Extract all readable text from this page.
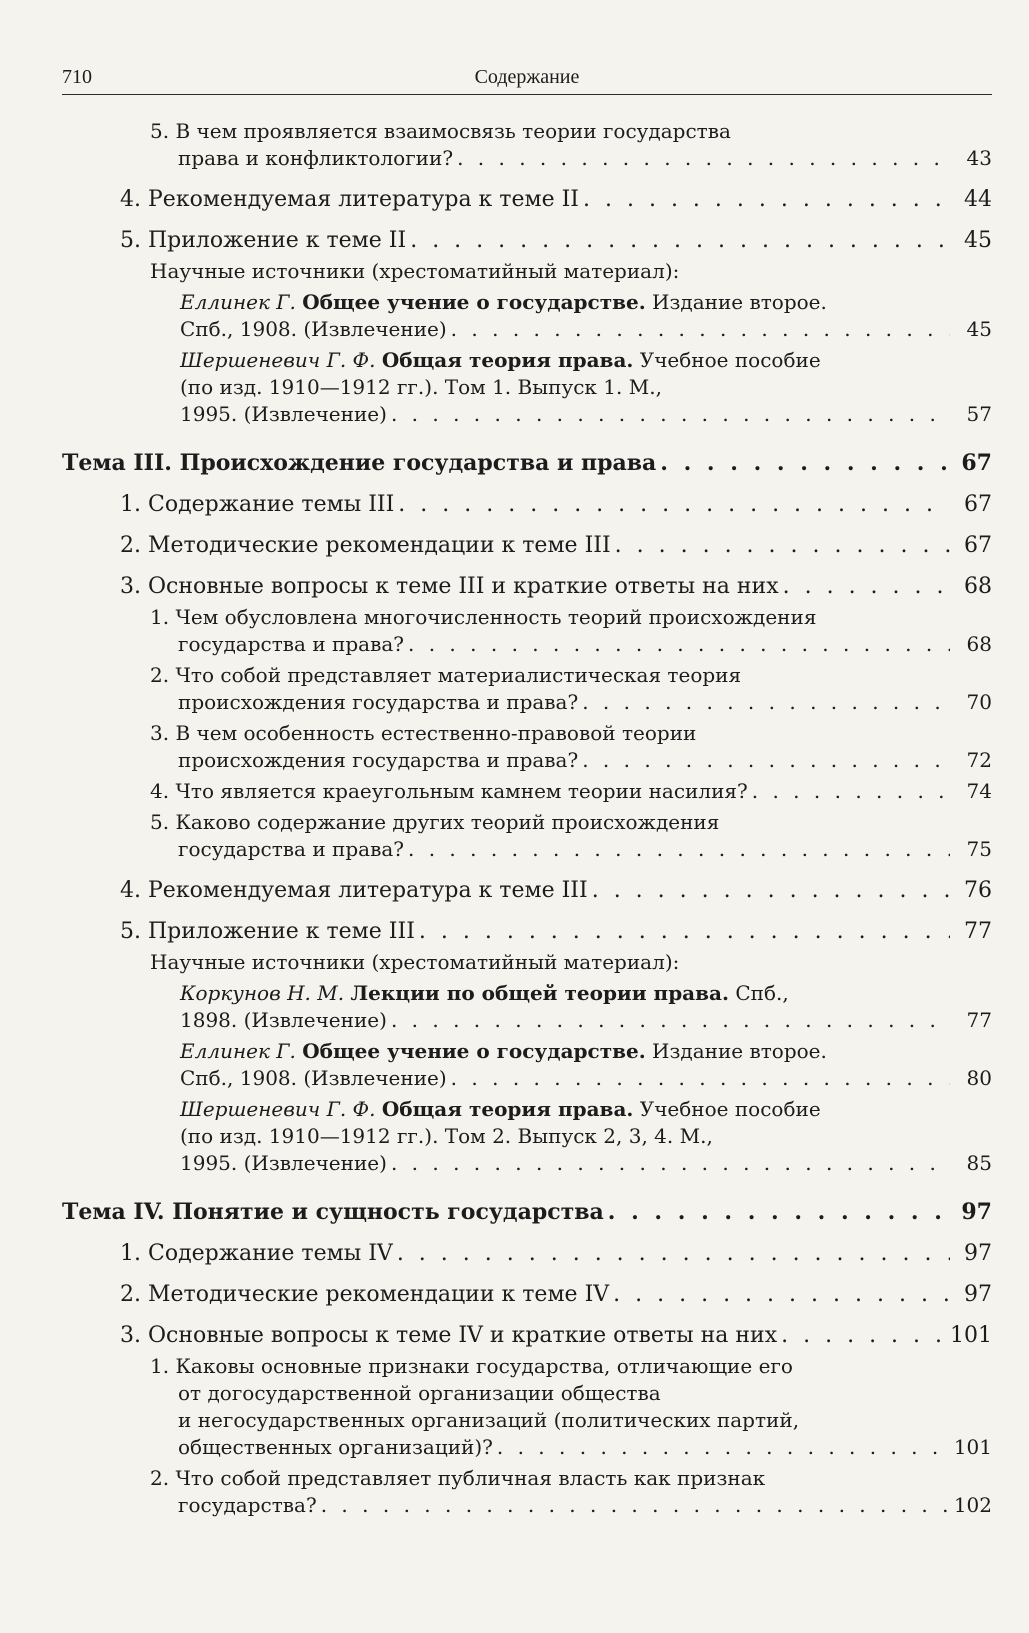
710	Содержание
5. В чем проявляется взаимосвязь теории государства
права и конфликтологии? . . .	43
4. Рекомендуемая литература к теме II . . .	44
5. Приложение к теме II . . .	45
Научные источники (хрестоматийный материал):
Еллинек Г. Общее учение о государстве. Издание второе.
Спб., 1908. (Извлечение) . . .	45
Шершеневич Г. Ф. Общая теория права. Учебное пособие
(по изд. 1910—1912 гг.). Том 1. Выпуск 1. М.,
1995. (Извлечение) . . .	57
Тема III. Происхождение государства и права . . .	67
1. Содержание темы III . . .	67
2. Методические рекомендации к теме III . . .	67
3. Основные вопросы к теме III и краткие ответы на них . . .	68
1. Чем обусловлена многочисленность теорий происхождения
государства и права? . . .	68
2. Что собой представляет материалистическая теория
происхождения государства и права? . . .	70
3. В чем особенность естественно-правовой теории
происхождения государства и права? . . .	72
4. Что является краеугольным камнем теории насилия? . . .	74
5. Каково содержание других теорий происхождения
государства и права? . . .	75
4. Рекомендуемая литература к теме III . . .	76
5. Приложение к теме III . . .	77
Научные источники (хрестоматийный материал):
Коркунов Н. М. Лекции по общей теории права. Спб.,
1898. (Извлечение) . . .	77
Еллинек Г. Общее учение о государстве. Издание второе.
Спб., 1908. (Извлечение) . . .	80
Шершеневич Г. Ф. Общая теория права. Учебное пособие
(по изд. 1910—1912 гг.). Том 2. Выпуск 2, 3, 4. М.,
1995. (Извлечение) . . .	85
Тема IV. Понятие и сущность государства . . .	97
1. Содержание темы IV . . .	97
2. Методические рекомендации к теме IV . . .	97
3. Основные вопросы к теме IV и краткие ответы на них . . .	101
1. Каковы основные признаки государства, отличающие его
от догосударственной организации общества
и негосударственных организаций (политических партий,
общественных организаций)? . . .	101
2. Что собой представляет публичная власть как признак
государства? . . .	102
